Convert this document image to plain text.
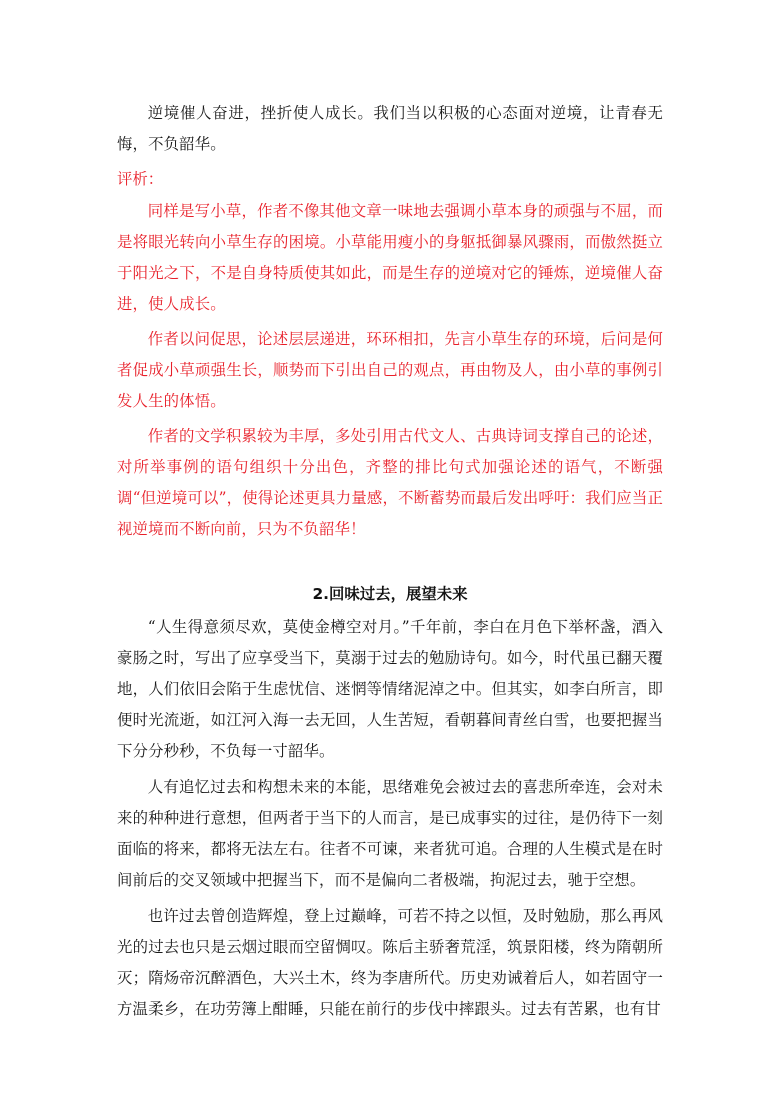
逆境催人奋进，挫折使人成长。我们当以积极的心态面对逆境，让青春无悔，不负韶华。

评析：

同样是写小草，作者不像其他文章一味地去强调小草本身的顽强与不屈，而是将眼光转向小草生存的困境。小草能用瘦小的身躯抵御暴风骤雨，而傲然挺立于阳光之下，不是自身特质使其如此，而是生存的逆境对它的锤炼，逆境催人奋进，使人成长。

作者以问促思，论述层层递进，环环相扣，先言小草生存的环境，后问是何者促成小草顽强生长，顺势而下引出自己的观点，再由物及人，由小草的事例引发人生的体悟。

作者的文学积累较为丰厚，多处引用古代文人、古典诗词支撑自己的论述，对所举事例的语句组织十分出色，齐整的排比句式加强论述的语气，不断强调“但逆境可以”，使得论述更具力量感，不断蓄势而最后发出呼吁：我们应当正视逆境而不断向前，只为不负韶华！

2.回味过去，展望未来

“人生得意须尽欢，莫使金樽空对月。”千年前，李白在月色下举杯盏，酒入豪肠之时，写出了应享受当下，莫溺于过去的勉励诗句。如今，时代虽已翻天覆地，人们依旧会陷于生虑忧信、迷惘等情绪泥淖之中。但其实，如李白所言，即便时光流逝，如江河入海一去无回，人生苦短，看朝暮间青丝白雪，也要把握当下分分秒秒，不负每一寸韶华。

人有追忆过去和构想未来的本能，思绪难免会被过去的喜悲所牵连，会对未来的种种进行意想，但两者于当下的人而言，是已成事实的过往，是仍待下一刻面临的将来，都将无法左右。往者不可谏，来者犹可追。合理的人生模式是在时间前后的交叉领域中把握当下，而不是偏向二者极端，拘泥过去，驰于空想。

也许过去曾创造辉煌，登上过巅峰，可若不持之以恒，及时勉励，那么再风光的过去也只是云烟过眼而空留惆叹。陈后主骄奢荒淫，筑景阳楼，终为隋朝所灭；隋炀帝沉醉酒色，大兴土木，终为李唐所代。历史劝诫着后人，如若固守一方温柔乡，在功劳簿上酣睡，只能在前行的步伐中摔跟头。过去有苦累，也有甘
